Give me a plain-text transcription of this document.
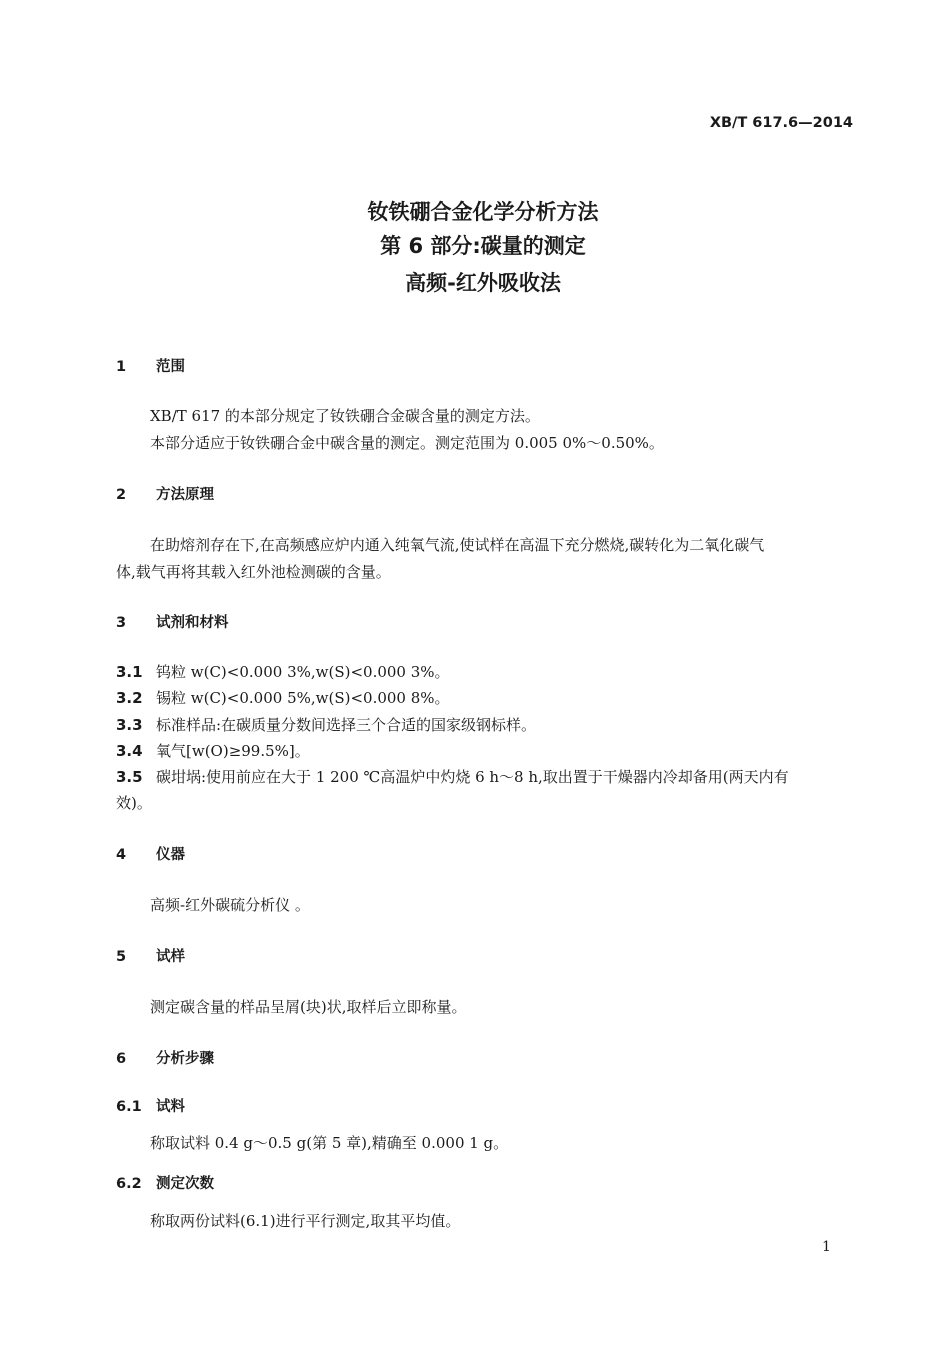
XB/T 617.6—2014
钕铁硼合金化学分析方法
第 6 部分:碳量的测定
高频-红外吸收法
1 范围
XB/T 617 的本部分规定了钕铁硼合金碳含量的测定方法。
本部分适应于钕铁硼合金中碳含量的测定。测定范围为 0.005 0%～0.50%。
2 方法原理
在助熔剂存在下,在高频感应炉内通入纯氧气流,使试样在高温下充分燃烧,碳转化为二氧化碳气
体,载气再将其载入红外池检测碳的含量。
3 试剂和材料
3.1 钨粒 w(C)<0.000 3%,w(S)<0.000 3%。
3.2 锡粒 w(C)<0.000 5%,w(S)<0.000 8%。
3.3 标准样品:在碳质量分数间选择三个合适的国家级钢标样。
3.4 氧气[w(O)≥99.5%]。
3.5 碳坩埚:使用前应在大于 1 200 ℃高温炉中灼烧 6 h～8 h,取出置于干燥器内冷却备用(两天内有
效)。
4 仪器
高频-红外碳硫分析仪 。
5 试样
测定碳含量的样品呈屑(块)状,取样后立即称量。
6 分析步骤
6.1 试料
称取试料 0.4 g～0.5 g(第 5 章),精确至 0.000 1 g。
6.2 测定次数
称取两份试料(6.1)进行平行测定,取其平均值。
1
